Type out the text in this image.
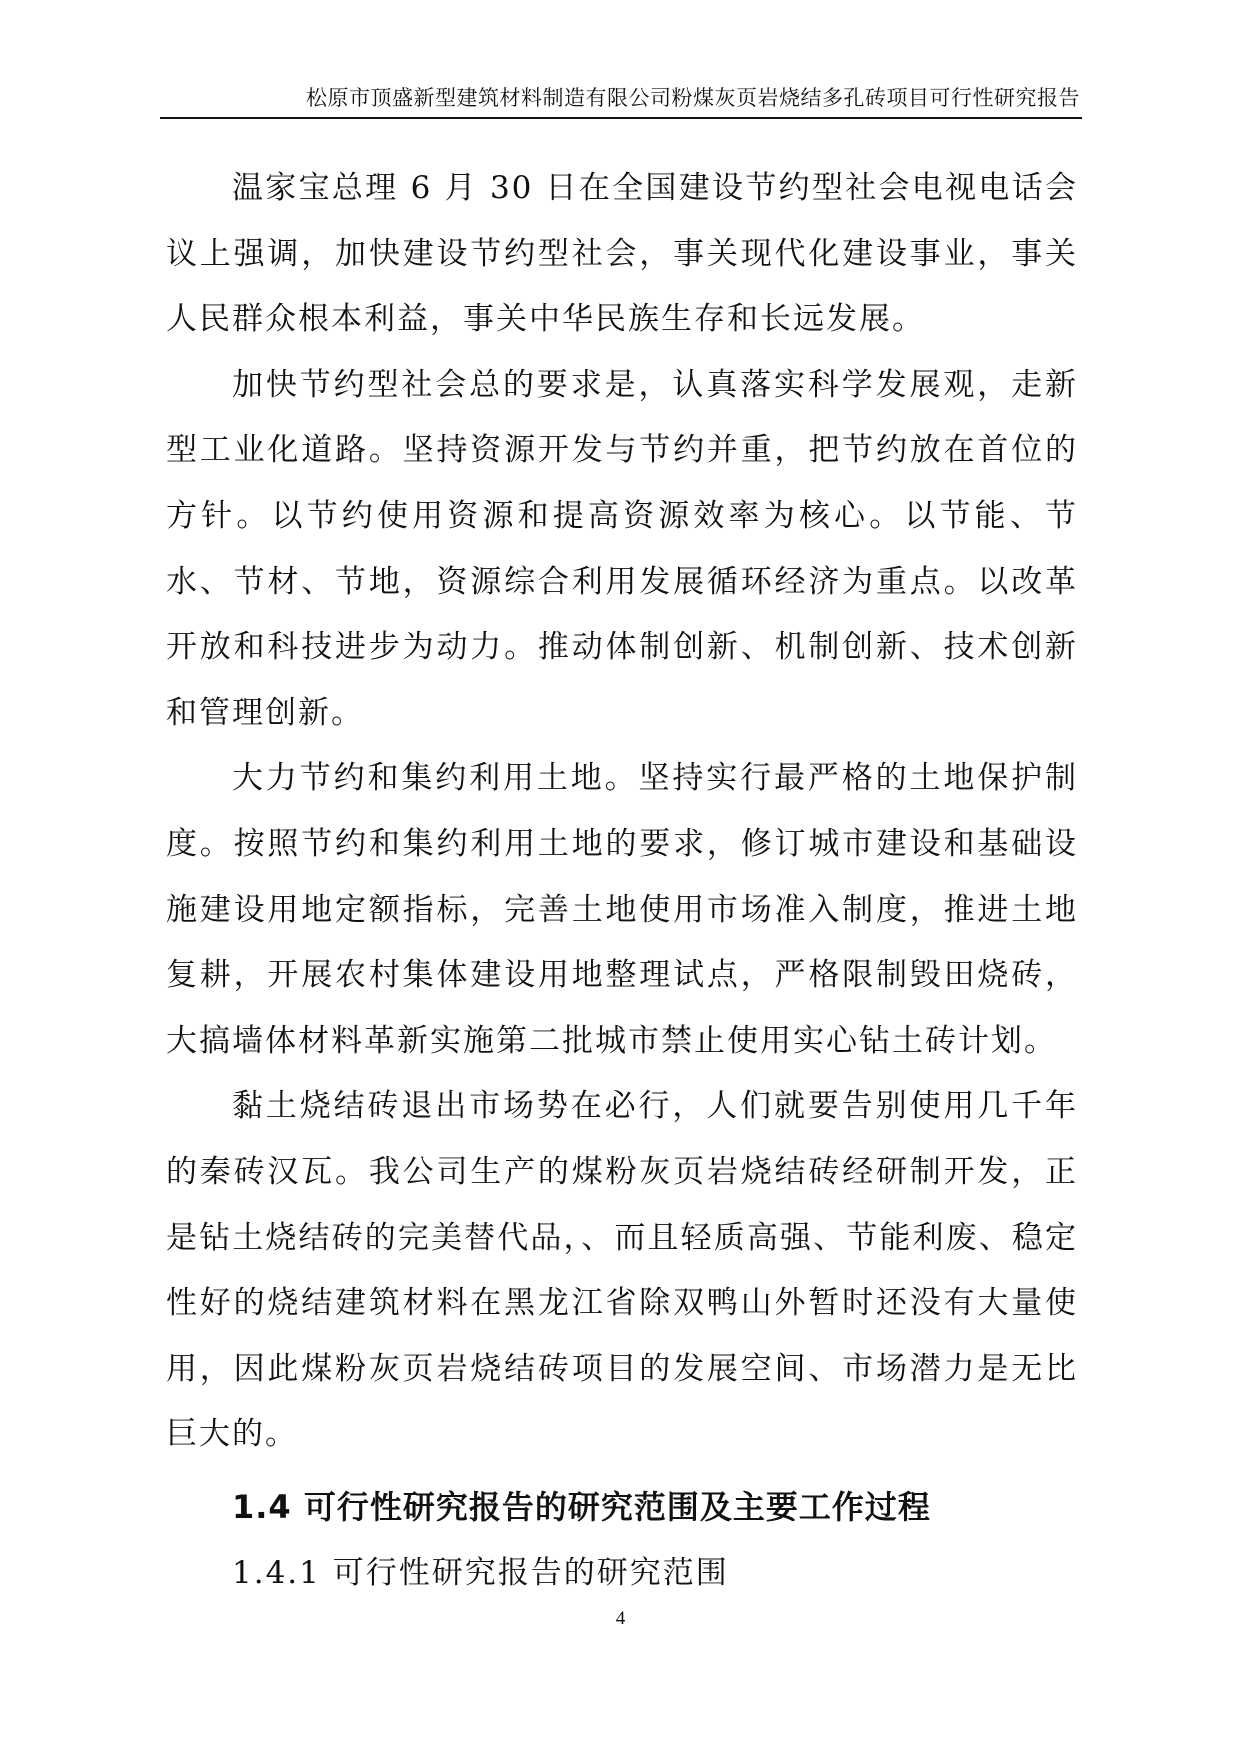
松原市顶盛新型建筑材料制造有限公司粉煤灰页岩烧结多孔砖项目可行性研究报告

温家宝总理 6 月 30 日在全国建设节约型社会电视电话会议上强调，加快建设节约型社会，事关现代化建设事业，事关人民群众根本利益，事关中华民族生存和长远发展。

加快节约型社会总的要求是，认真落实科学发展观，走新型工业化道路。坚持资源开发与节约并重，把节约放在首位的方针。以节约使用资源和提高资源效率为核心。以节能、节水、节材、节地，资源综合利用发展循环经济为重点。以改革开放和科技进步为动力。推动体制创新、机制创新、技术创新和管理创新。

大力节约和集约利用土地。坚持实行最严格的土地保护制度。按照节约和集约利用土地的要求，修订城市建设和基础设施建设用地定额指标，完善土地使用市场准入制度，推进土地复耕，开展农村集体建设用地整理试点，严格限制毁田烧砖，大搞墙体材料革新实施第二批城市禁止使用实心钻土砖计划。

黏土烧结砖退出市场势在必行，人们就要告别使用几千年的秦砖汉瓦。我公司生产的煤粉灰页岩烧结砖经研制开发，正是钻土烧结砖的完美替代品，、而且轻质高强、节能利废、稳定性好的烧结建筑材料在黑龙江省除双鸭山外暂时还没有大量使用，因此煤粉灰页岩烧结砖项目的发展空间、市场潜力是无比巨大的。

1.4 可行性研究报告的研究范围及主要工作过程

1.4.1 可行性研究报告的研究范围

4
